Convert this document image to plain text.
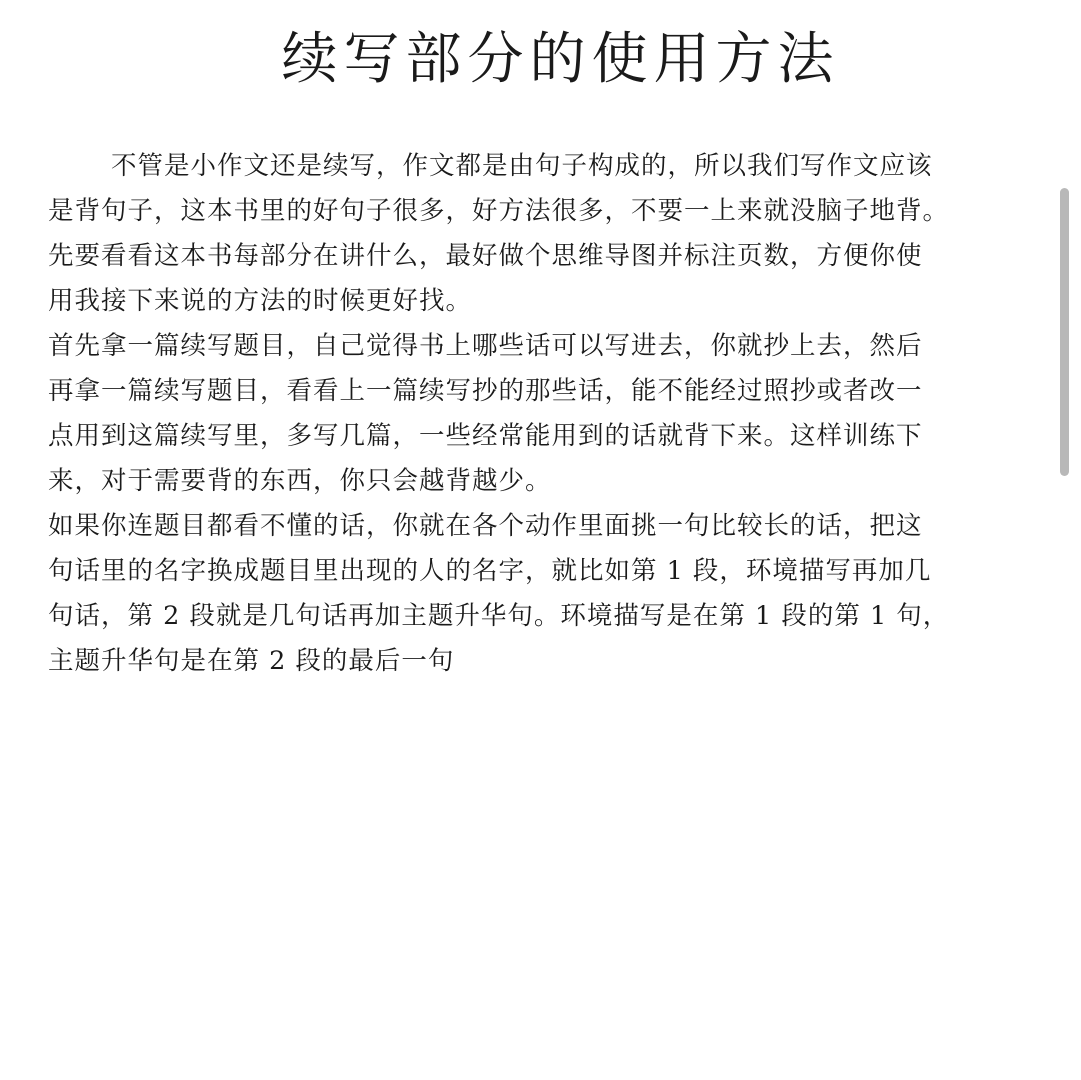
续写部分的使用方法
不管是小作文还是续写，作文都是由句子构成的，所以我们写作文应该
是背句子，这本书里的好句子很多，好方法很多，不要一上来就没脑子地背。
先要看看这本书每部分在讲什么，最好做个思维导图并标注页数，方便你使
用我接下来说的方法的时候更好找。
首先拿一篇续写题目，自己觉得书上哪些话可以写进去，你就抄上去，然后
再拿一篇续写题目，看看上一篇续写抄的那些话，能不能经过照抄或者改一
点用到这篇续写里，多写几篇，一些经常能用到的话就背下来。这样训练下
来，对于需要背的东西，你只会越背越少。
如果你连题目都看不懂的话，你就在各个动作里面挑一句比较长的话，把这
句话里的名字换成题目里出现的人的名字，就比如第 1 段，环境描写再加几
句话，第 2 段就是几句话再加主题升华句。环境描写是在第 1 段的第 1 句，
主题升华句是在第 2 段的最后一句
